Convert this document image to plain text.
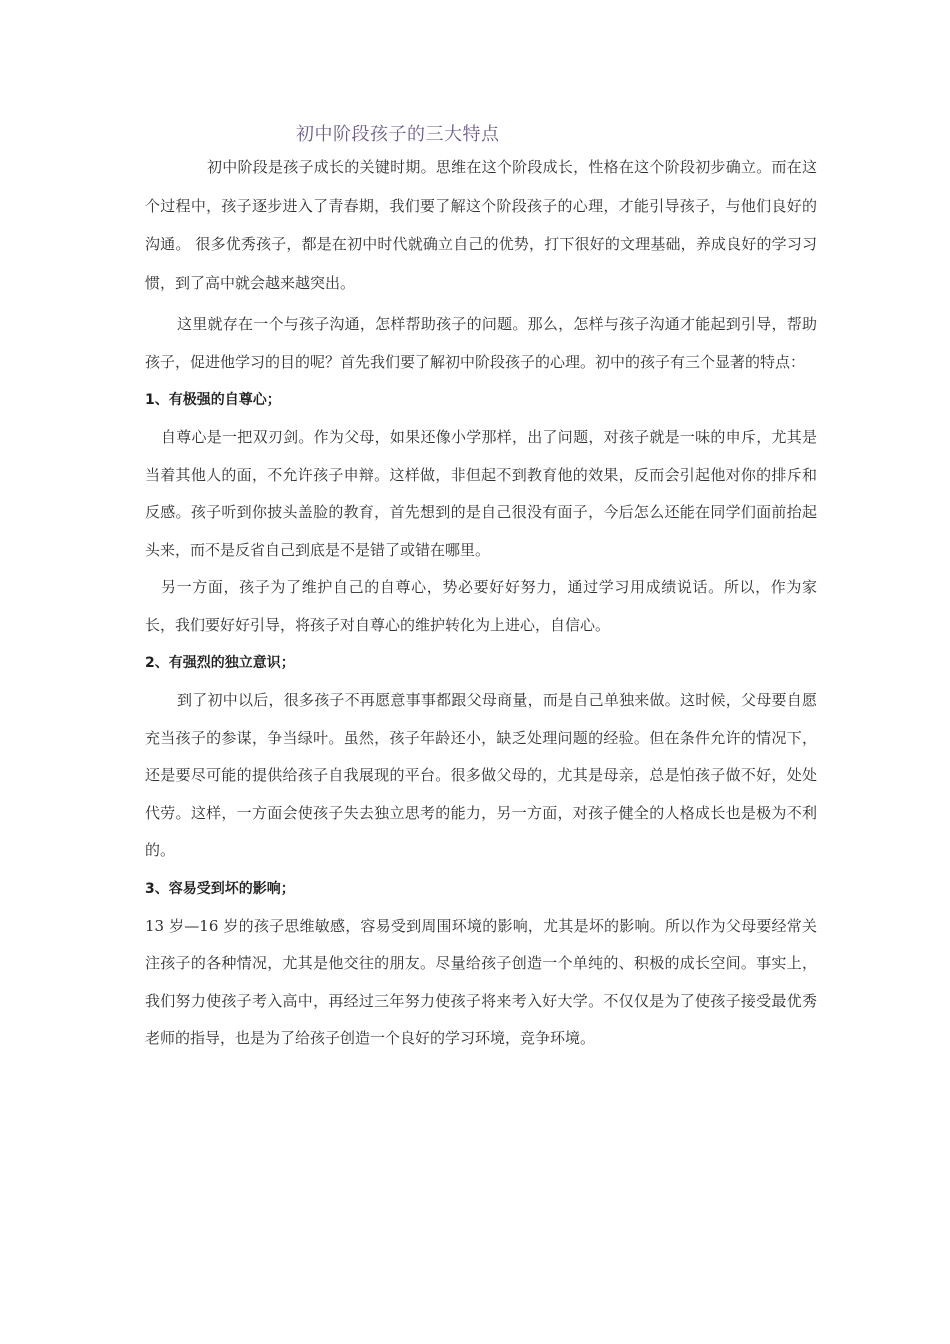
初中阶段孩子的三大特点

初中阶段是孩子成长的关键时期。思维在这个阶段成长，性格在这个阶段初步确立。而在这个过程中，孩子逐步进入了青春期，我们要了解这个阶段孩子的心理，才能引导孩子，与他们良好的沟通。 很多优秀孩子，都是在初中时代就确立自己的优势，打下很好的文理基础，养成良好的学习习惯，到了高中就会越来越突出。

这里就存在一个与孩子沟通，怎样帮助孩子的问题。那么，怎样与孩子沟通才能起到引导，帮助孩子，促进他学习的目的呢？首先我们要了解初中阶段孩子的心理。初中的孩子有三个显著的特点：

1、有极强的自尊心；

自尊心是一把双刃剑。作为父母，如果还像小学那样，出了问题，对孩子就是一味的申斥，尤其是当着其他人的面，不允许孩子申辩。这样做，非但起不到教育他的效果，反而会引起他对你的排斥和反感。孩子听到你披头盖脸的教育，首先想到的是自己很没有面子，今后怎么还能在同学们面前抬起头来，而不是反省自己到底是不是错了或错在哪里。

另一方面，孩子为了维护自己的自尊心，势必要好好努力，通过学习用成绩说话。所以，作为家长，我们要好好引导，将孩子对自尊心的维护转化为上进心，自信心。

2、有强烈的独立意识；

到了初中以后，很多孩子不再愿意事事都跟父母商量，而是自己单独来做。这时候，父母要自愿充当孩子的参谋，争当绿叶。虽然，孩子年龄还小，缺乏处理问题的经验。但在条件允许的情况下，还是要尽可能的提供给孩子自我展现的平台。很多做父母的，尤其是母亲，总是怕孩子做不好，处处代劳。这样，一方面会使孩子失去独立思考的能力，另一方面，对孩子健全的人格成长也是极为不利的。

3、容易受到坏的影响；

13 岁—16 岁的孩子思维敏感，容易受到周围环境的影响，尤其是坏的影响。所以作为父母要经常关注孩子的各种情况，尤其是他交往的朋友。尽量给孩子创造一个单纯的、积极的成长空间。事实上，我们努力使孩子考入高中，再经过三年努力使孩子将来考入好大学。不仅仅是为了使孩子接受最优秀老师的指导，也是为了给孩子创造一个良好的学习环境，竞争环境。
